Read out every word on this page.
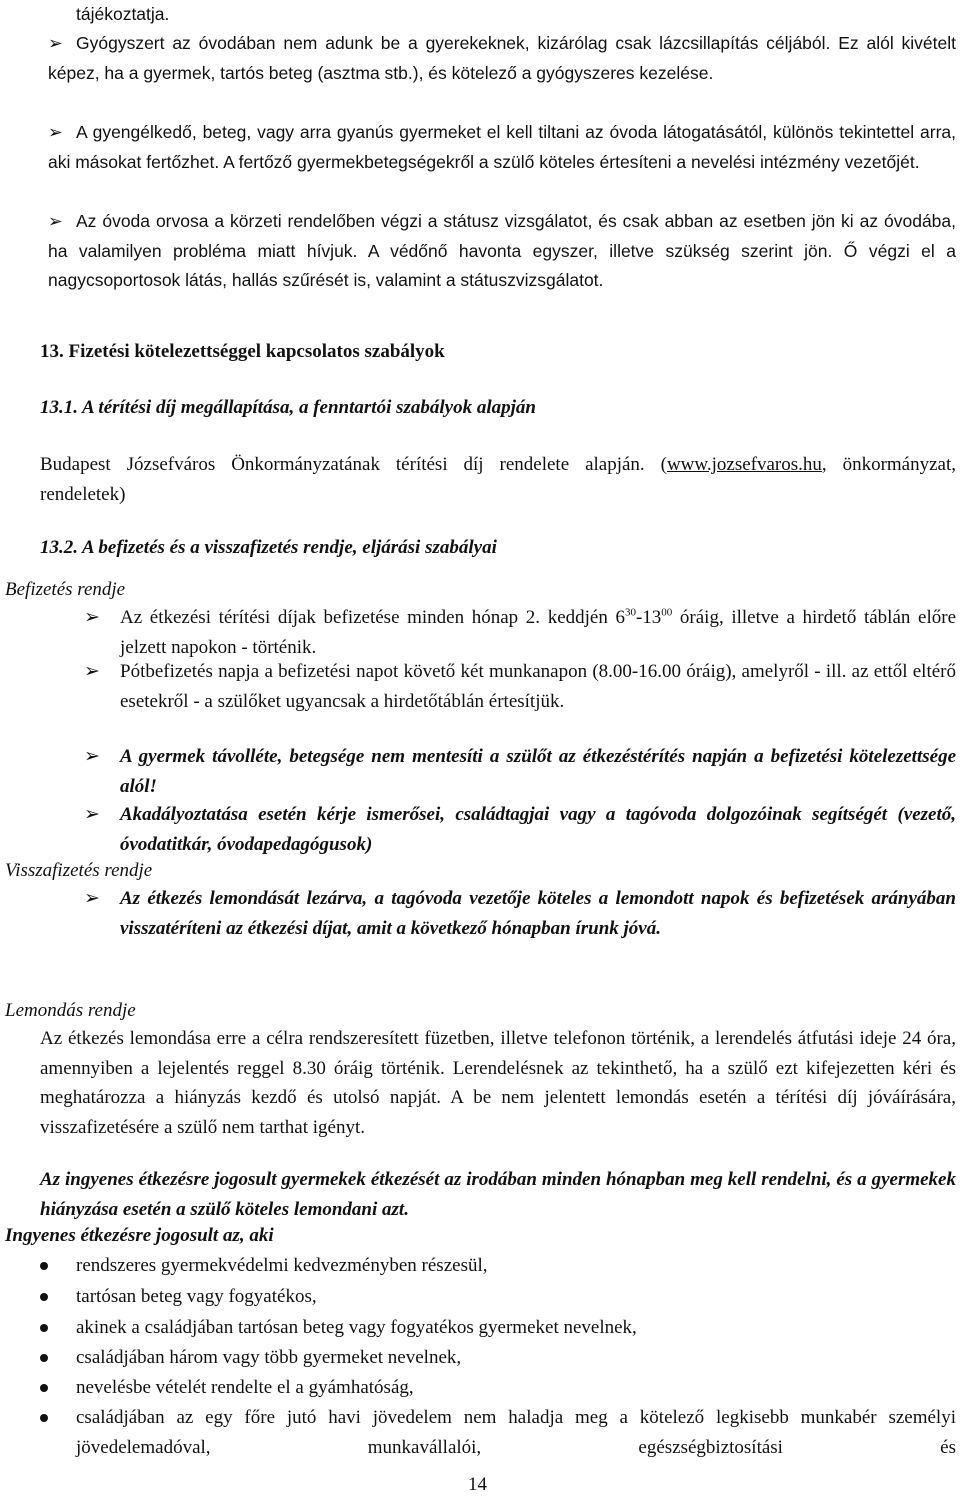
tájékoztatja.

➢ Gyógyszert az óvodában nem adunk be a gyerekeknek, kizárólag csak lázcsillapítás céljából. Ez alól kivételt képez, ha a gyermek, tartós beteg (asztma stb.), és kötelező a gyógyszeres kezelése.

➢ A gyengélkedő, beteg, vagy arra gyanús gyermeket el kell tiltani az óvoda látogatásától, különös tekintettel arra, aki másokat fertőzhet. A fertőző gyermekbetegségekről a szülő köteles értesíteni a nevelési intézmény vezetőjét.

➢ Az óvoda orvosa a körzeti rendelőben végzi a státusz vizsgálatot, és csak abban az esetben jön ki az óvodába, ha valamilyen probléma miatt hívjuk. A védőnő havonta egyszer, illetve szükség szerint jön. Ő végzi el a nagycsoportosok látás, hallás szűrését is, valamint a státuszvizsgálatot.

13. Fizetési kötelezettséggel kapcsolatos szabályok

13.1. A térítési díj megállapítása, a fenntartói szabályok alapján

Budapest Józsefváros Önkormányzatának térítési díj rendelete alapján. (www.jozsefvaros.hu, önkormányzat, rendeletek)

13.2. A befizetés és a visszafizetés rendje, eljárási szabályai

Befizetés rendje

➢	Az étkezési térítési díjak befizetése minden hónap 2. keddjén $6^{30}-13^{00}$ óráig, illetve a hirdető táblán előre jelzett napokon - történik.

➢	Pótbefizetés napja a befizetési napot követő két munkanapon (8.00-16.00 óráig), amelyről - ill. az ettől eltérő esetekről - a szülőket ugyancsak a hirdetőtáblán értesítjük.

➢	A gyermek távolléte, betegsége nem mentesíti a szülőt az étkezéstérítés napján a befizetési kötelezettsége alól!

➢	Akadályoztatása esetén kérje ismerősei, családtagjai vagy a tagóvoda dolgozóinak segítségét (vezető, óvodatitkár, óvodapedagógusok)

Visszafizetés rendje

➢	Az étkezés lemondását lezárva, a tagóvoda vezetője köteles a lemondott napok és befizetések arányában visszatéríteni az étkezési díjat, amit a következő hónapban írunk jóvá.

Lemondás rendje

Az étkezés lemondása erre a célra rendszeresített füzetben, illetve telefonon történik, a lerendelés átfutási ideje 24 óra, amennyiben a lejelentés reggel 8.30 óráig történik. Lerendelésnek az tekinthető, ha a szülő ezt kifejezetten kéri és meghatározza a hiányzás kezdő és utolsó napját. A be nem jelentett lemondás esetén a térítési díj jóváírására, visszafizetésére a szülő nem tarthat igényt.

Az ingyenes étkezésre jogosult gyermekek étkezését az irodában minden hónapban meg kell rendelni, és a gyermekek hiányzása esetén a szülő köteles lemondani azt.

Ingyenes étkezésre jogosult az, aki

rendszeres gyermekvédelmi kedvezményben részesül,

tartósan beteg vagy fogyatékos,

akinek a családjában tartósan beteg vagy fogyatékos gyermeket nevelnek,

családjában három vagy több gyermeket nevelnek,

nevelésbe vételét rendelte el a gyámhatóság,

családjában az egy főre jutó havi jövedelem nem haladja meg a kötelező legkisebb munkabér személyi jövedelemadóval, munkavállalói, egészségbiztosítási és

14
